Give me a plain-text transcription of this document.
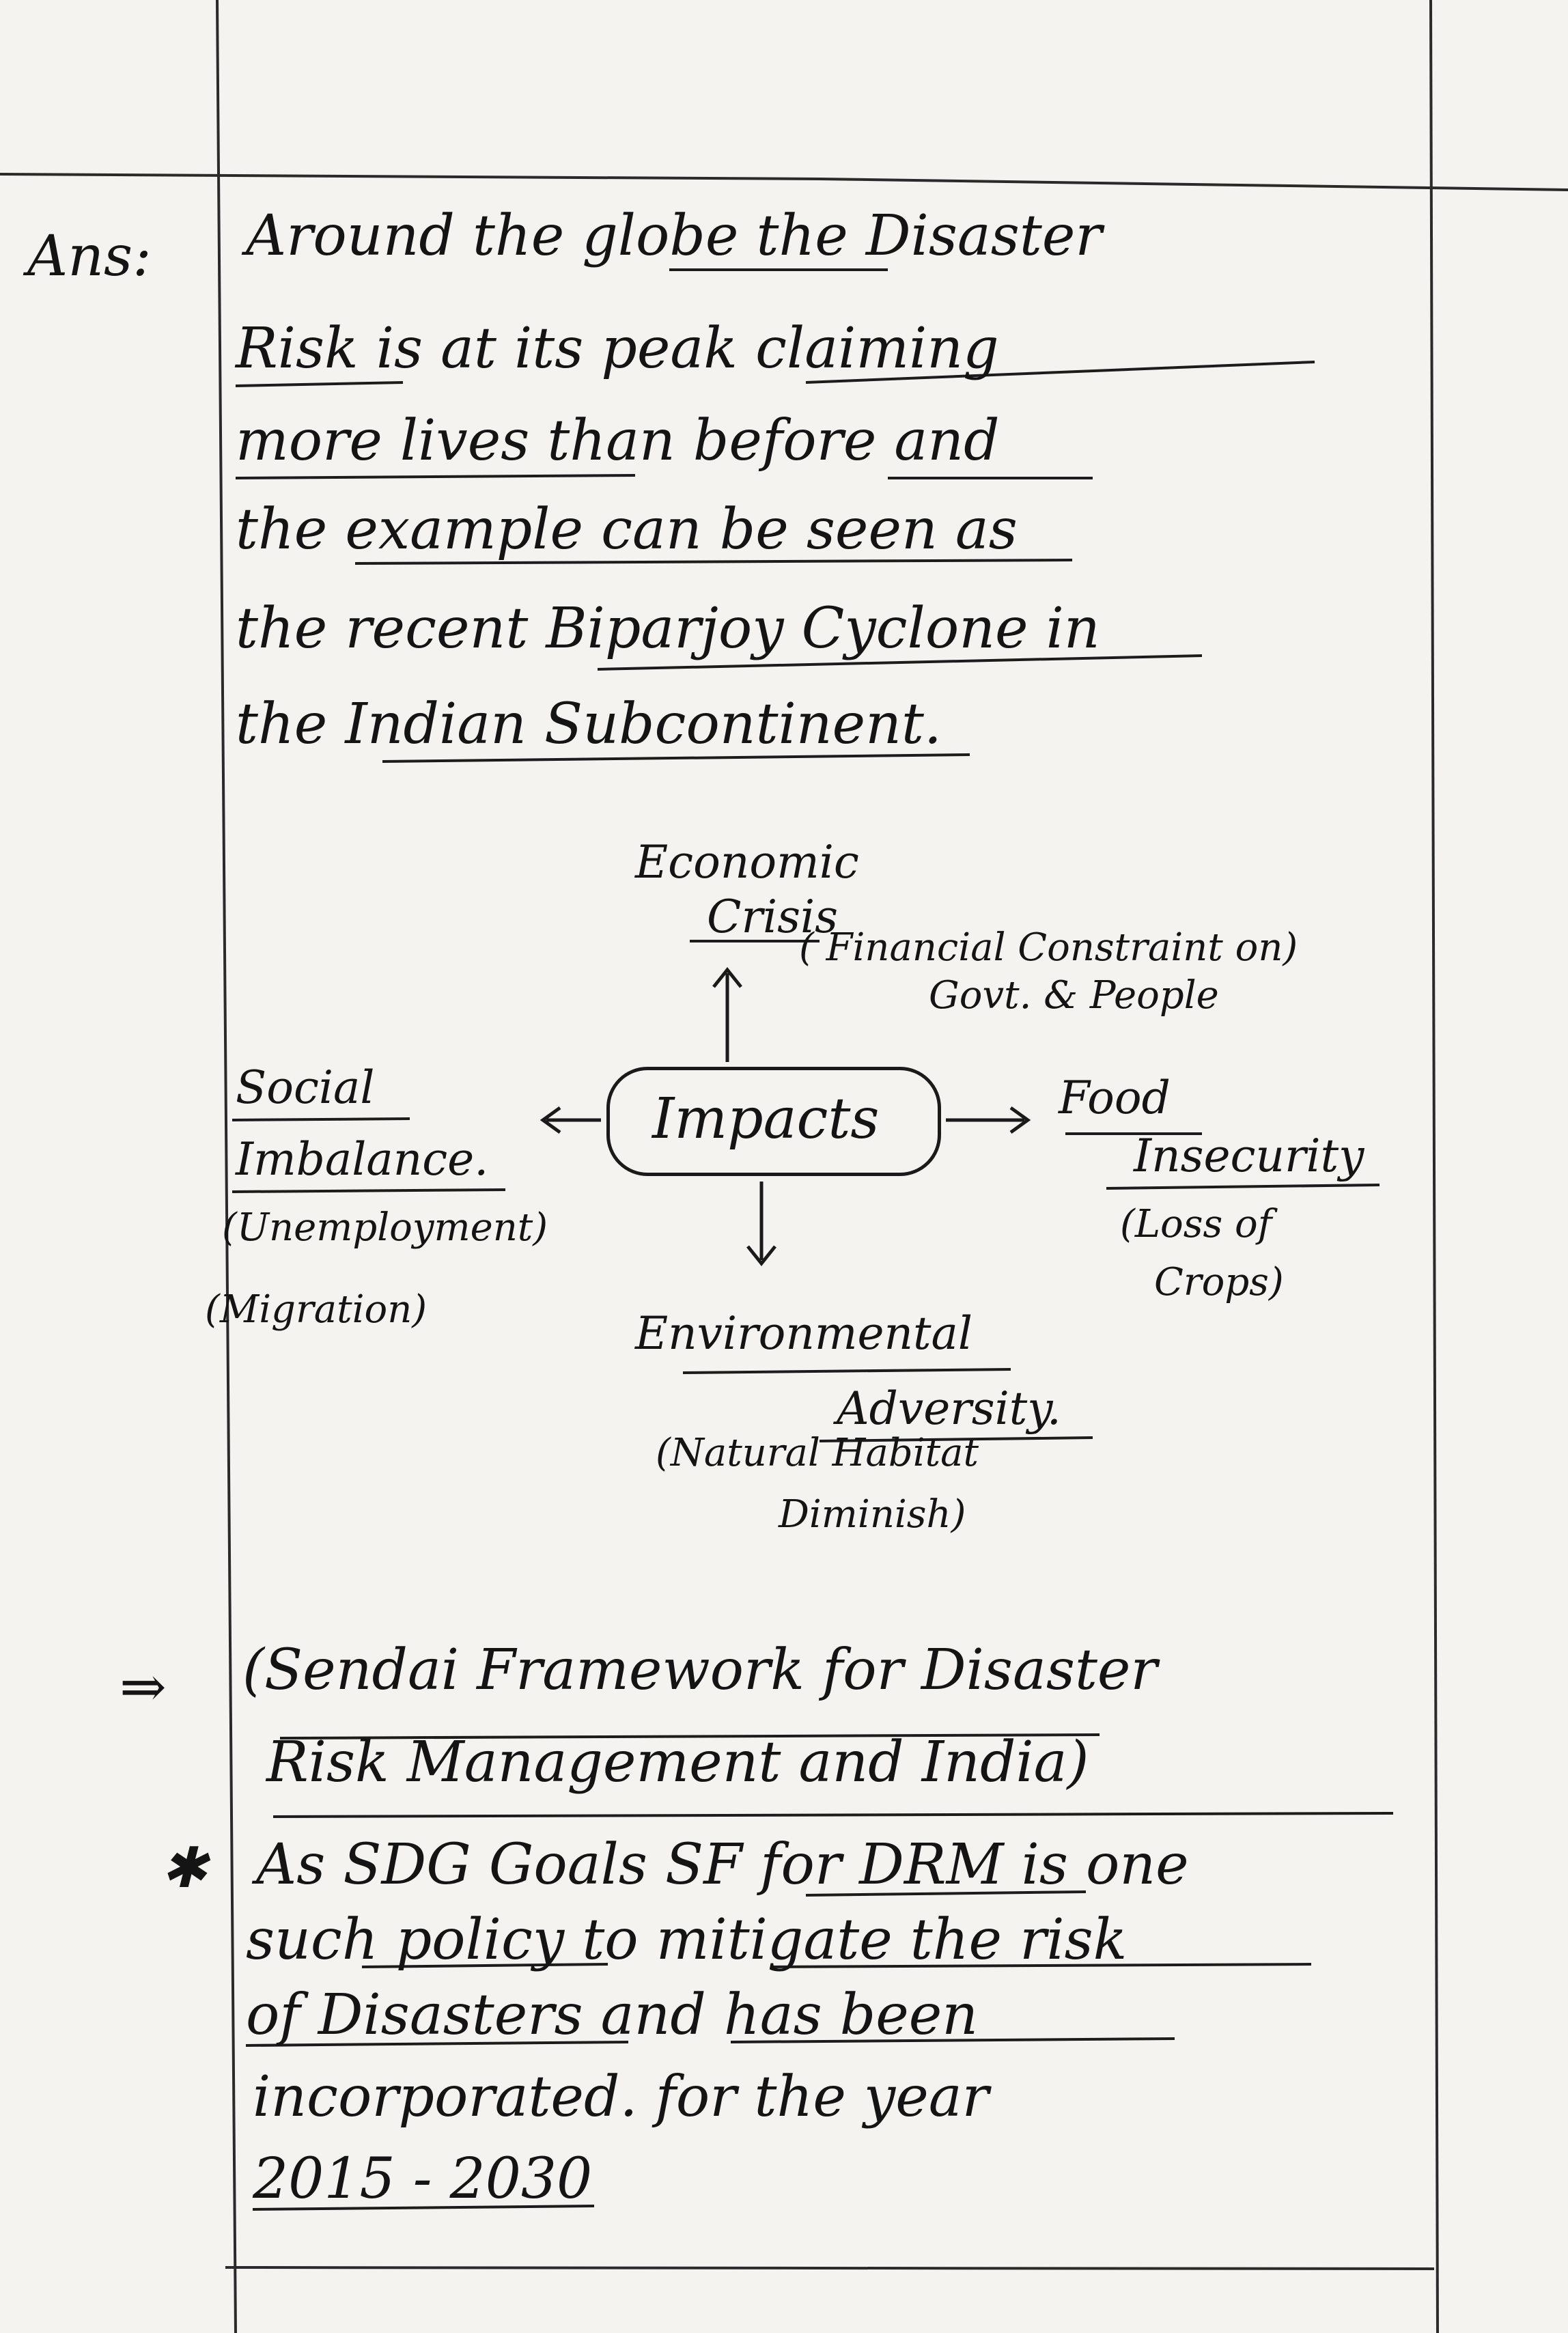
Ans:
⇒
✱
Around the globe the Disaster
Risk is at its peak claiming
more lives than before and
the example can be seen as
the recent Biparjoy Cyclone in
the Indian Subcontinent.
Economic
Crisis
( Financial Constraint on)
Govt. & People
Impacts
Social
Imbalance.
(Unemployment)
(Migration)
Food
Insecurity
(Loss of
Crops)
Environmental
Adversity.
(Natural Habitat
Diminish)
(Sendai Framework for Disaster
Risk Management and India)
As SDG Goals SF for DRM is one
such policy to mitigate the risk
of Disasters and has been
incorporated. for the year
2015 - 2030
